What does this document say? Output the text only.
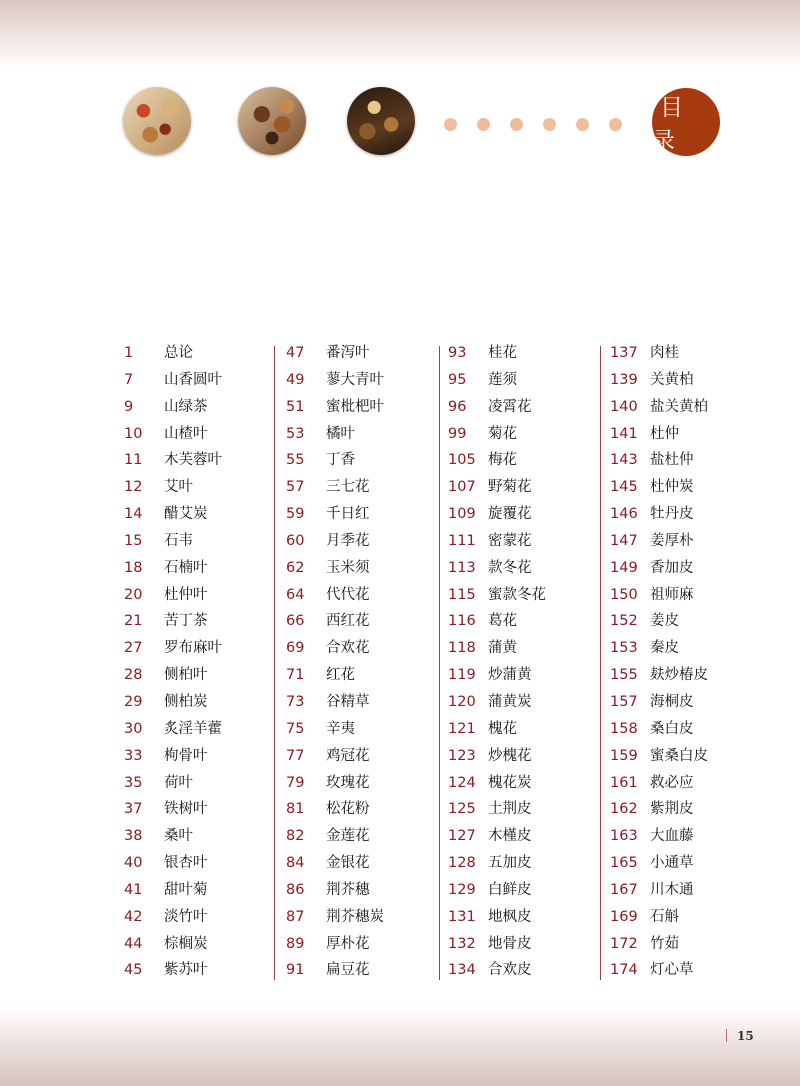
目 录
1 总论
7 山香圆叶
9 山绿茶
10 山楂叶
11 木芙蓉叶
12 艾叶
14 醋艾炭
15 石韦
18 石楠叶
20 杜仲叶
21 苦丁茶
27 罗布麻叶
28 侧柏叶
29 侧柏炭
30 炙淫羊藿
33 枸骨叶
35 荷叶
37 铁树叶
38 桑叶
40 银杏叶
41 甜叶菊
42 淡竹叶
44 棕榈炭
45 紫苏叶
47 番泻叶
49 蓼大青叶
51 蜜枇杷叶
53 橘叶
55 丁香
57 三七花
59 千日红
60 月季花
62 玉米须
64 代代花
66 西红花
69 合欢花
71 红花
73 谷精草
75 辛夷
77 鸡冠花
79 玫瑰花
81 松花粉
82 金莲花
84 金银花
86 荆芥穗
87 荆芥穗炭
89 厚朴花
91 扁豆花
93 桂花
95 莲须
96 凌霄花
99 菊花
105 梅花
107 野菊花
109 旋覆花
111 密蒙花
113 款冬花
115 蜜款冬花
116 葛花
118 蒲黄
119 炒蒲黄
120 蒲黄炭
121 槐花
123 炒槐花
124 槐花炭
125 土荆皮
127 木槿皮
128 五加皮
129 白鲜皮
131 地枫皮
132 地骨皮
134 合欢皮
137 肉桂
139 关黄柏
140 盐关黄柏
141 杜仲
143 盐杜仲
145 杜仲炭
146 牡丹皮
147 姜厚朴
149 香加皮
150 祖师麻
152 姜皮
153 秦皮
155 麸炒椿皮
157 海桐皮
158 桑白皮
159 蜜桑白皮
161 救必应
162 紫荆皮
163 大血藤
165 小通草
167 川木通
169 石斛
172 竹茹
174 灯心草
15
